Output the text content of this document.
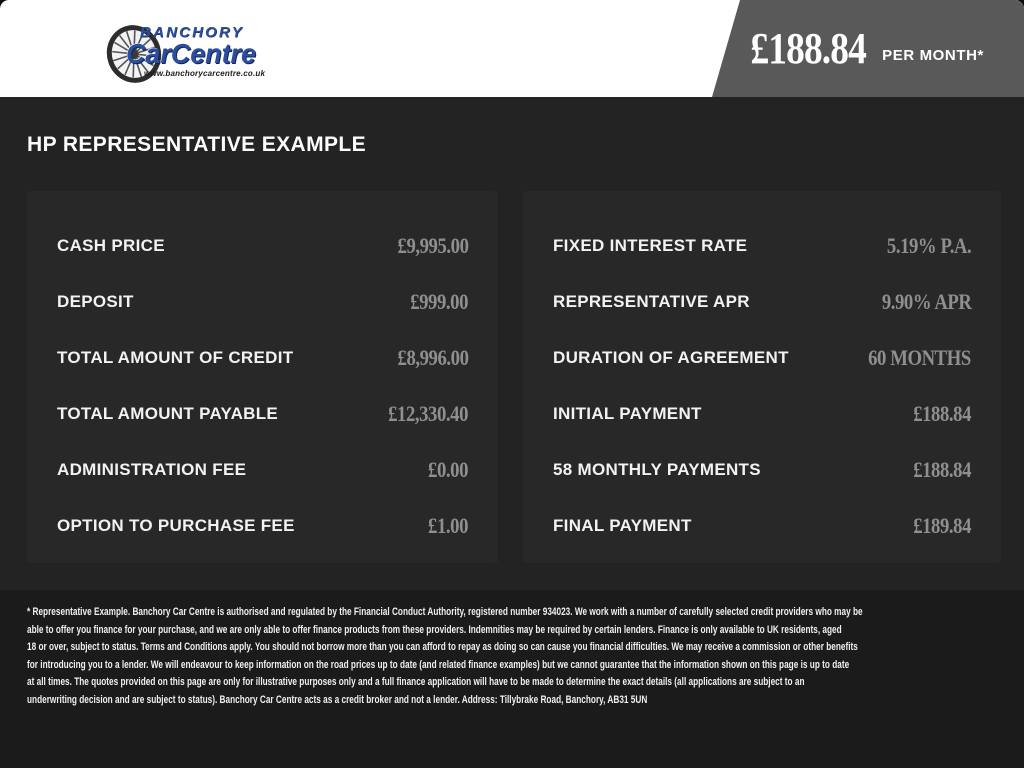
BANCHORY
CarCentre
www.banchorycarcentre.co.uk
£188.84 PER MONTH*
HP REPRESENTATIVE EXAMPLE
CASH PRICE	£9,995.00
DEPOSIT	£999.00
TOTAL AMOUNT OF CREDIT	£8,996.00
TOTAL AMOUNT PAYABLE	£12,330.40
ADMINISTRATION FEE	£0.00
OPTION TO PURCHASE FEE	£1.00
FIXED INTEREST RATE	5.19% P.A.
REPRESENTATIVE APR	9.90% APR
DURATION OF AGREEMENT	60 MONTHS
INITIAL PAYMENT	£188.84
58 MONTHLY PAYMENTS	£188.84
FINAL PAYMENT	£189.84
* Representative Example. Banchory Car Centre is authorised and regulated by the Financial Conduct Authority, registered number 934023. We work with a number of carefully selected credit providers who may be
able to offer you finance for your purchase, and we are only able to offer finance products from these providers. Indemnities may be required by certain lenders. Finance is only available to UK residents, aged
18 or over, subject to status. Terms and Conditions apply. You should not borrow more than you can afford to repay as doing so can cause you financial difficulties. We may receive a commission or other benefits
for introducing you to a lender. We will endeavour to keep information on the road prices up to date (and related finance examples) but we cannot guarantee that the information shown on this page is up to date
at all times. The quotes provided on this page are only for illustrative purposes only and a full finance application will have to be made to determine the exact details (all applications are subject to an
underwriting decision and are subject to status). Banchory Car Centre acts as a credit broker and not a lender. Address: Tillybrake Road, Banchory, AB31 5UN
